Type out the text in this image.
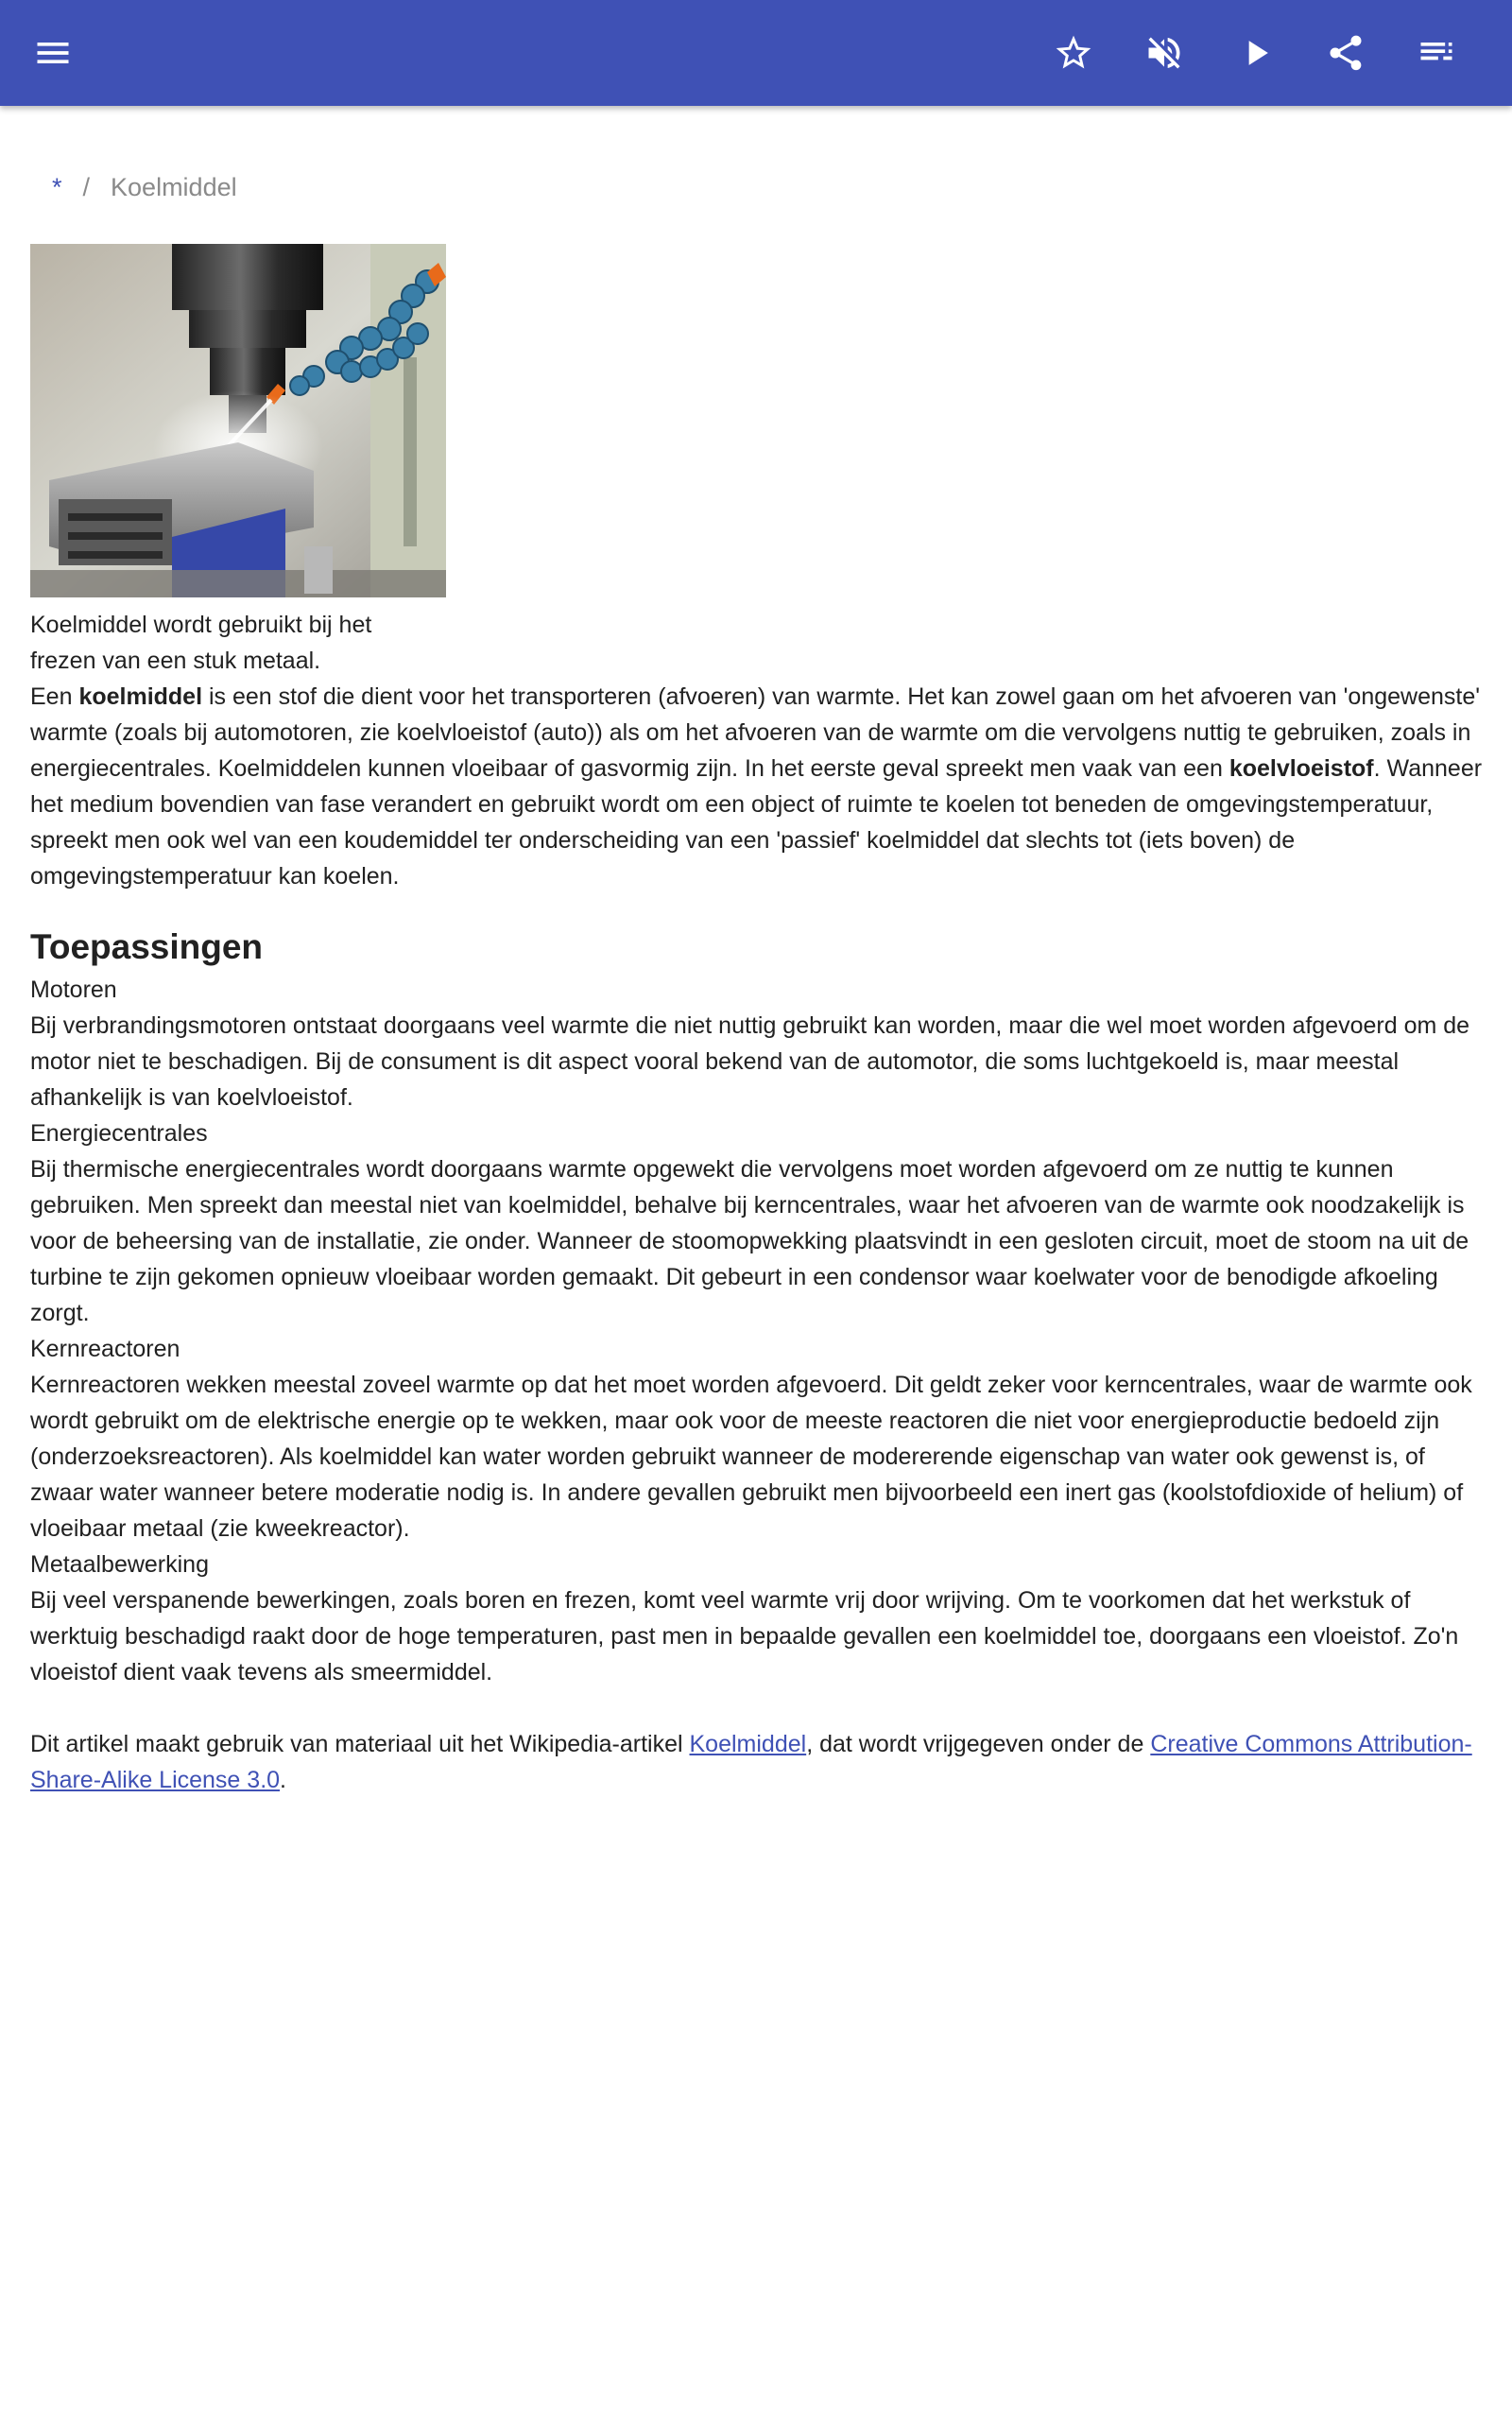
* / Koelmiddel
Koelmiddel wordt gebruikt bij het frezen van een stuk metaal.

Een koelmiddel is een stof die dient voor het transporteren (afvoeren) van warmte. Het kan zowel gaan om het afvoeren van 'ongewenste' warmte (zoals bij automotoren, zie koelvloeistof (auto)) als om het afvoeren van de warmte om die vervolgens nuttig te gebruiken, zoals in energiecentrales. Koelmiddelen kunnen vloeibaar of gasvormig zijn. In het eerste geval spreekt men vaak van een koelvloeistof. Wanneer het medium bovendien van fase verandert en gebruikt wordt om een object of ruimte te koelen tot beneden de omgevingstemperatuur, spreekt men ook wel van een koudemiddel ter onderscheiding van een 'passief' koelmiddel dat slechts tot (iets boven) de omgevingstemperatuur kan koelen.

Toepassingen

Motoren

Bij verbrandingsmotoren ontstaat doorgaans veel warmte die niet nuttig gebruikt kan worden, maar die wel moet worden afgevoerd om de motor niet te beschadigen. Bij de consument is dit aspect vooral bekend van de automotor, die soms luchtgekoeld is, maar meestal afhankelijk is van koelvloeistof.

Energiecentrales

Bij thermische energiecentrales wordt doorgaans warmte opgewekt die vervolgens moet worden afgevoerd om ze nuttig te kunnen gebruiken. Men spreekt dan meestal niet van koelmiddel, behalve bij kerncentrales, waar het afvoeren van de warmte ook noodzakelijk is voor de beheersing van de installatie, zie onder. Wanneer de stoomopwekking plaatsvindt in een gesloten circuit, moet de stoom na uit de turbine te zijn gekomen opnieuw vloeibaar worden gemaakt. Dit gebeurt in een condensor waar koelwater voor de benodigde afkoeling zorgt.

Kernreactoren

Kernreactoren wekken meestal zoveel warmte op dat het moet worden afgevoerd. Dit geldt zeker voor kerncentrales, waar de warmte ook wordt gebruikt om de elektrische energie op te wekken, maar ook voor de meeste reactoren die niet voor energieproductie bedoeld zijn (onderzoeksreactoren). Als koelmiddel kan water worden gebruikt wanneer de modererende eigenschap van water ook gewenst is, of zwaar water wanneer betere moderatie nodig is. In andere gevallen gebruikt men bijvoorbeeld een inert gas (koolstofdioxide of helium) of vloeibaar metaal (zie kweekreactor).

Metaalbewerking

Bij veel verspanende bewerkingen, zoals boren en frezen, komt veel warmte vrij door wrijving. Om te voorkomen dat het werkstuk of werktuig beschadigd raakt door de hoge temperaturen, past men in bepaalde gevallen een koelmiddel toe, doorgaans een vloeistof. Zo'n vloeistof dient vaak tevens als smeermiddel.

Dit artikel maakt gebruik van materiaal uit het Wikipedia-artikel Koelmiddel, dat wordt vrijgegeven onder de Creative Commons Attribution-Share-Alike License 3.0.
